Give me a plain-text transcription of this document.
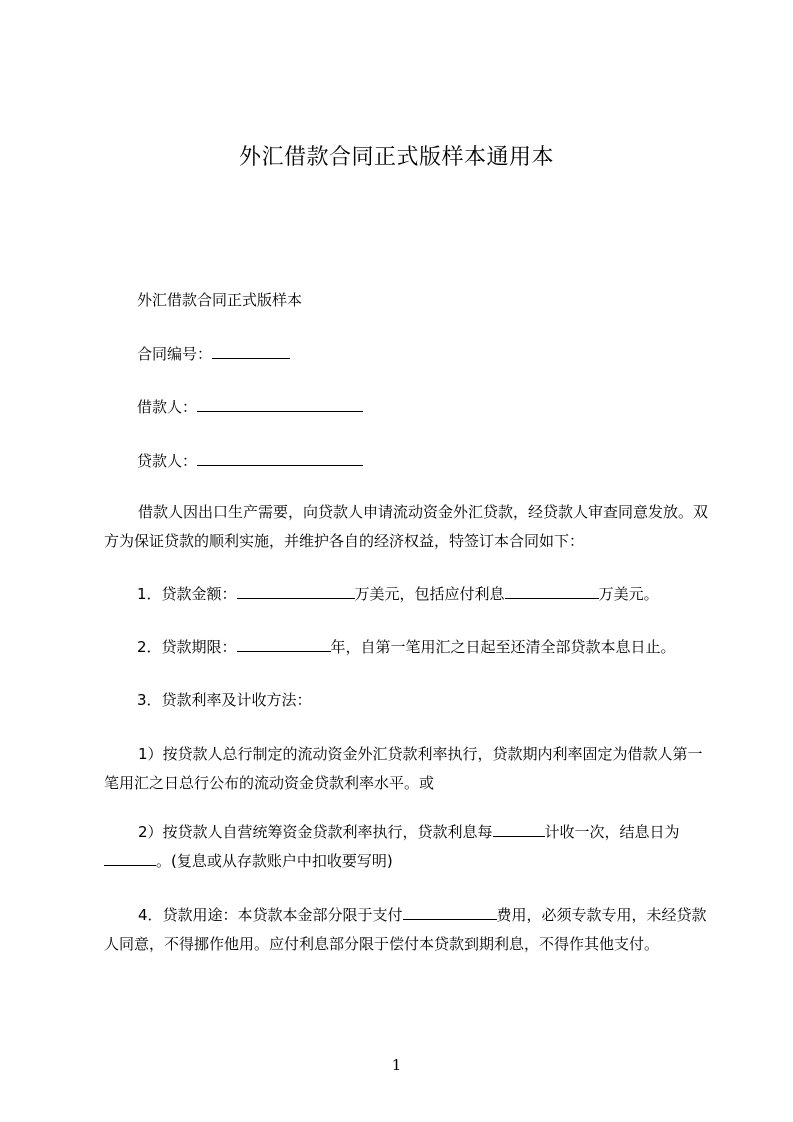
外汇借款合同正式版样本通用本
外汇借款合同正式版样本
合同编号：
借款人：
贷款人：
借款人因出口生产需要，向贷款人申请流动资金外汇贷款，经贷款人审查同意发放。双方为保证贷款的顺利实施，并维护各自的经济权益，特签订本合同如下：
1．贷款金额：	万美元，包括应付利息	万美元。
2．贷款期限：	年，自第一笔用汇之日起至还清全部贷款本息日止。
3．贷款利率及计收方法：
1）按贷款人总行制定的流动资金外汇贷款利率执行，贷款期内利率固定为借款人第一笔用汇之日总行公布的流动资金贷款利率水平。或
2）按贷款人自营统筹资金贷款利率执行，贷款利息每	计收一次，结息日为。(复息或从存款账户中扣收要写明)
4．贷款用途：本贷款本金部分限于支付	费用，必须专款专用，未经贷款人同意，不得挪作他用。应付利息部分限于偿付本贷款到期利息，不得作其他支付。
1
